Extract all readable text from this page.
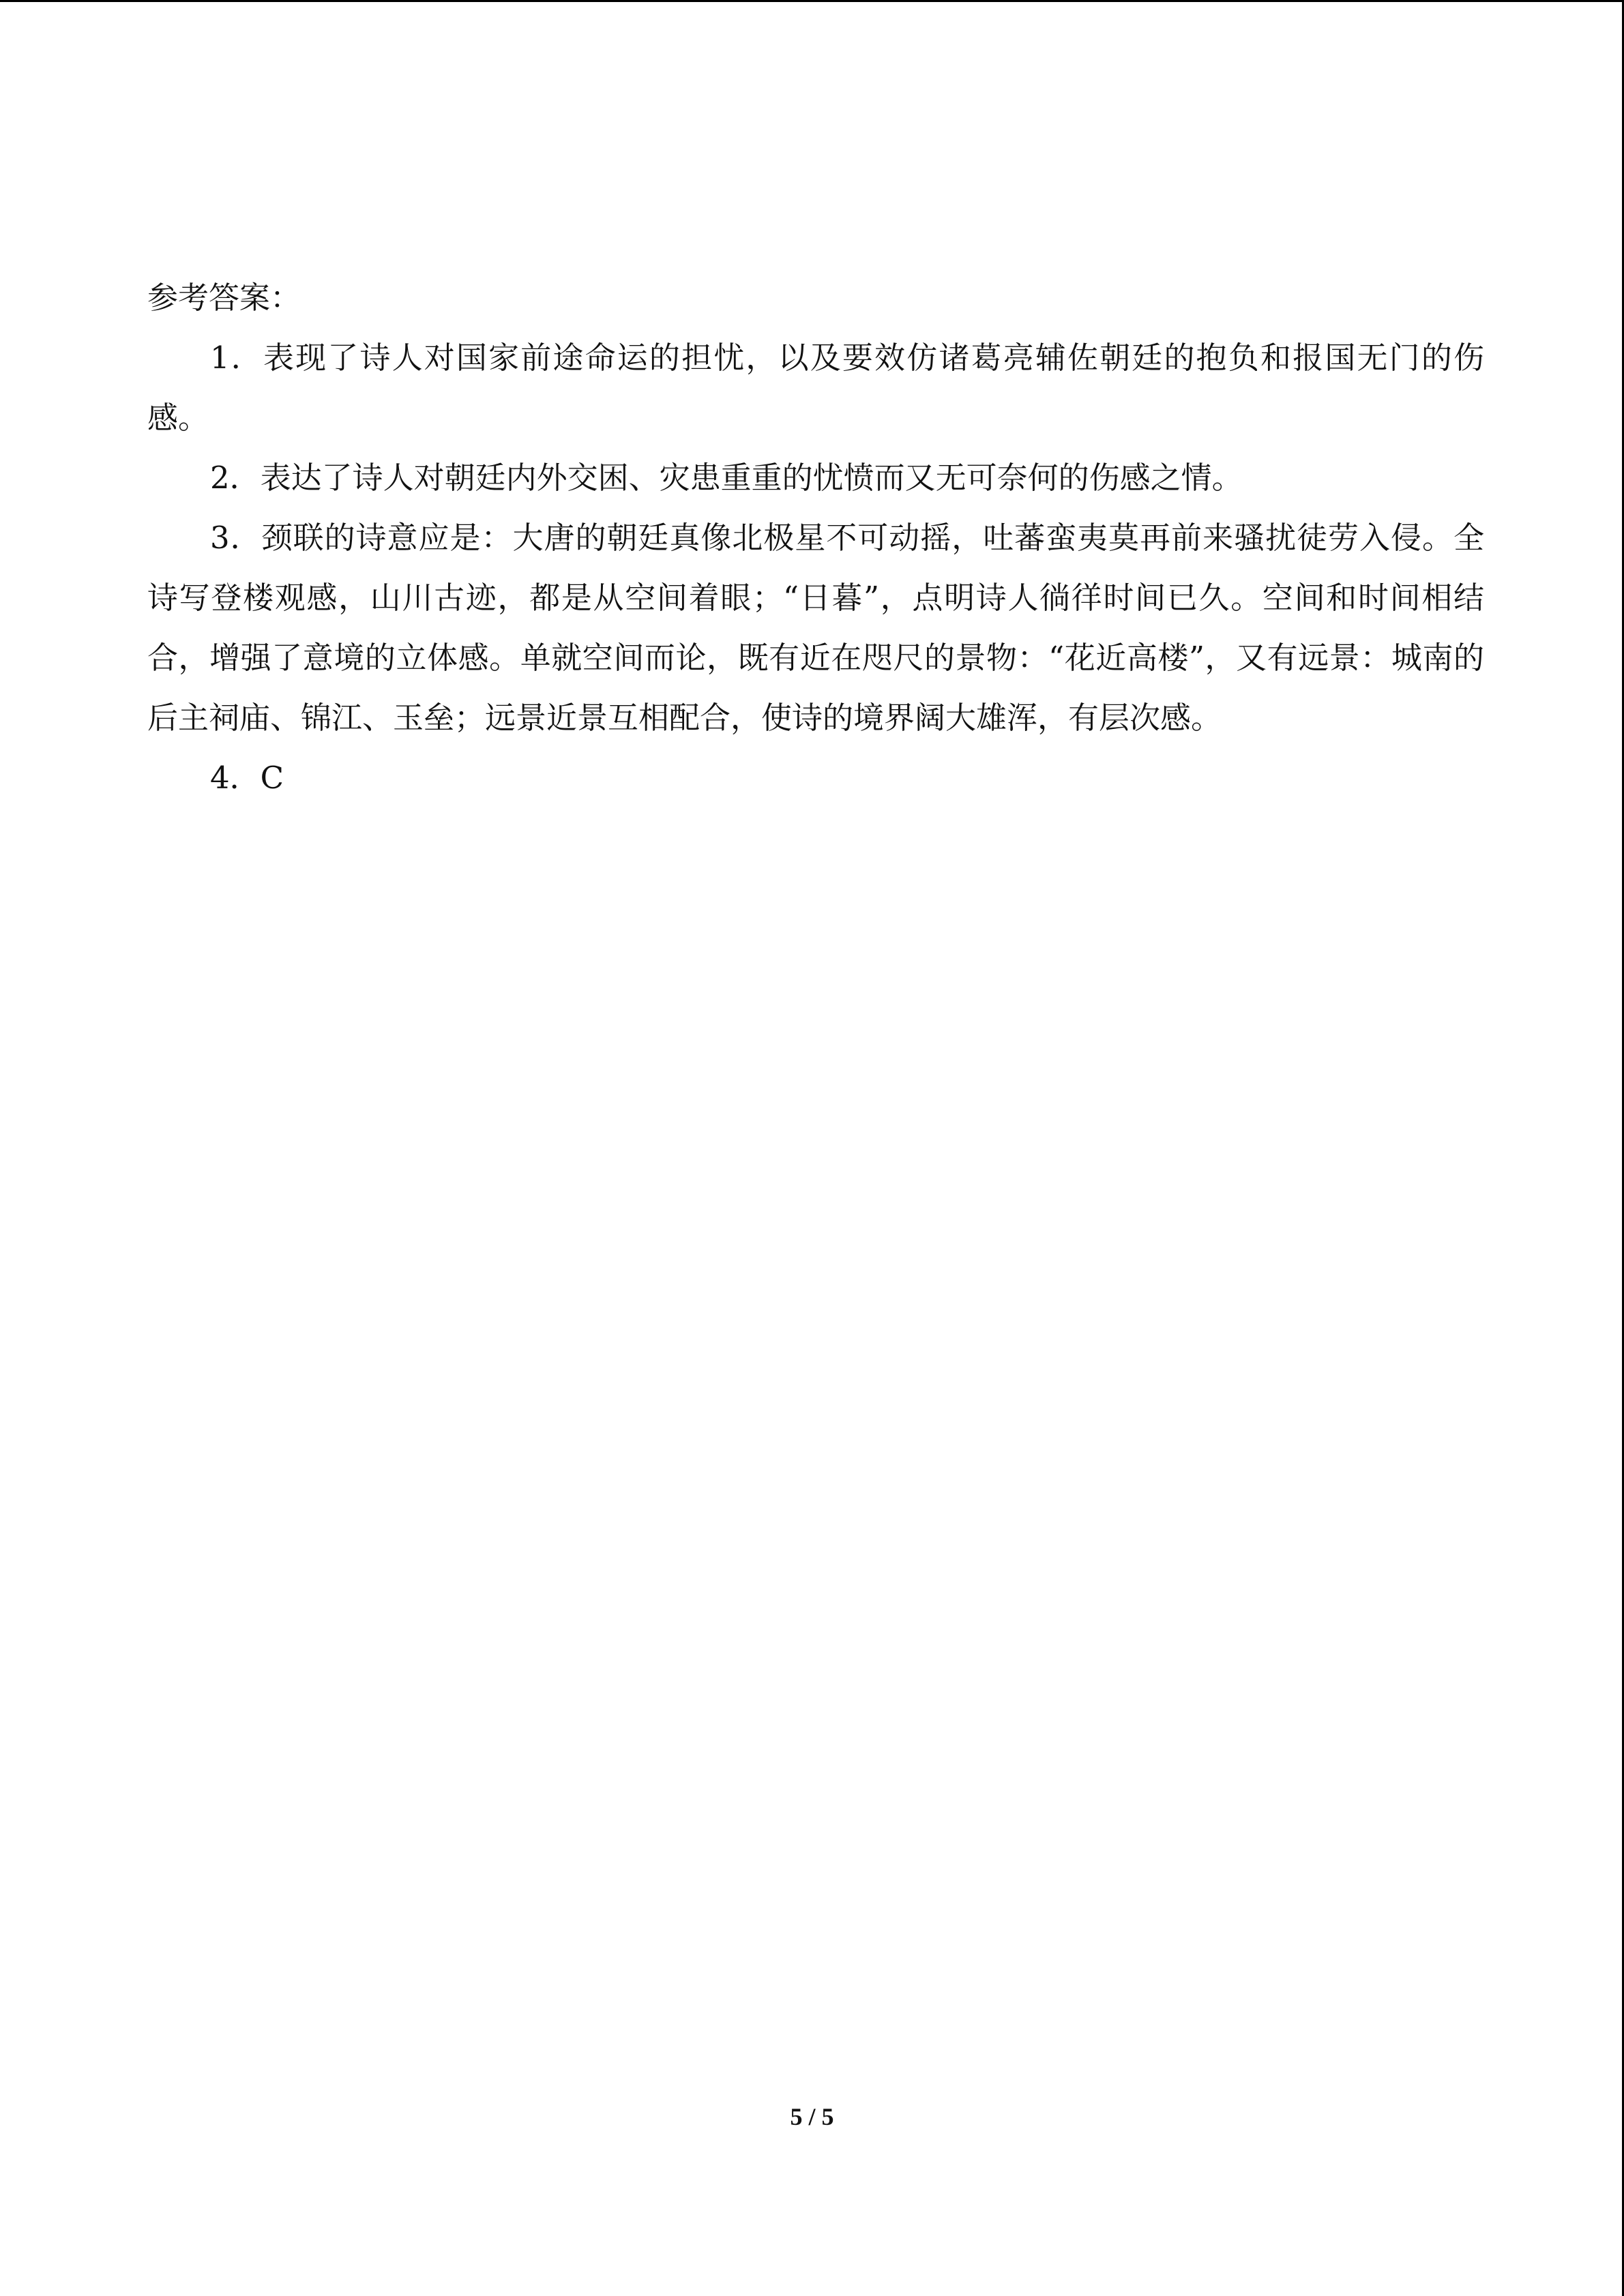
参考答案：

1．表现了诗人对国家前途命运的担忧，以及要效仿诸葛亮辅佐朝廷的抱负和报国无门的伤感。

2．表达了诗人对朝廷内外交困、灾患重重的忧愤而又无可奈何的伤感之情。

3．颈联的诗意应是：大唐的朝廷真像北极星不可动摇，吐蕃蛮夷莫再前来骚扰徒劳入侵。全诗写登楼观感，山川古迹，都是从空间着眼；“日暮”，点明诗人徜徉时间已久。空间和时间相结合，增强了意境的立体感。单就空间而论，既有近在咫尺的景物：“花近高楼”，又有远景：城南的后主祠庙、锦江、玉垒；远景近景互相配合，使诗的境界阔大雄浑，有层次感。

4．C

5 / 5
